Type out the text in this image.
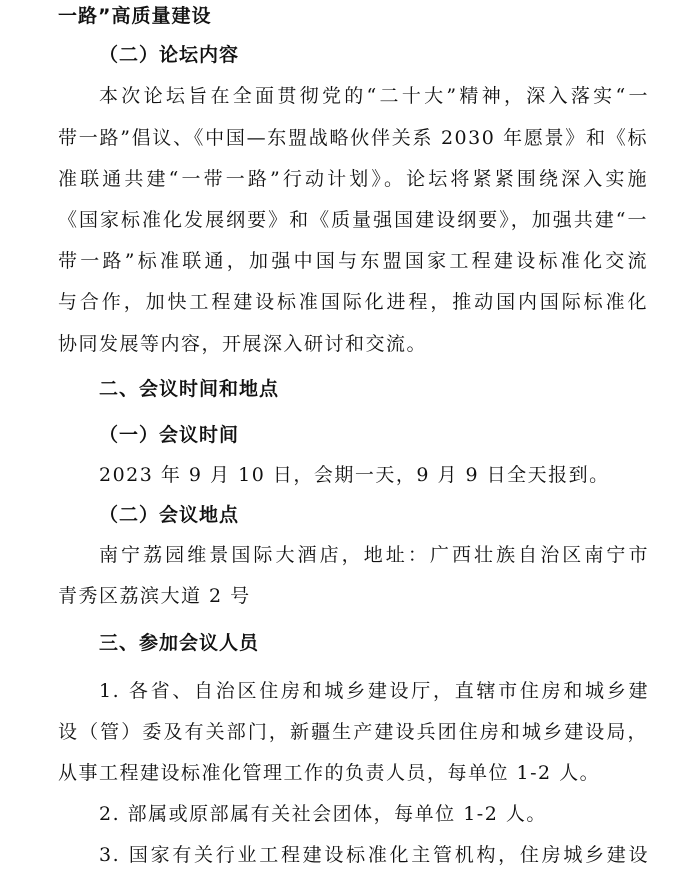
一路”高质量建设
（二）论坛内容
本次论坛旨在全面贯彻党的“二十大”精神，深入落实“一
带一路”倡议、《中国—东盟战略伙伴关系 2030 年愿景》和《标
准联通共建“一带一路”行动计划》。论坛将紧紧围绕深入实施
《国家标准化发展纲要》和《质量强国建设纲要》，加强共建“一
带一路”标准联通，加强中国与东盟国家工程建设标准化交流
与合作，加快工程建设标准国际化进程，推动国内国际标准化
协同发展等内容，开展深入研讨和交流。
二、会议时间和地点
（一）会议时间
2023 年 9 月 10 日，会期一天，9 月 9 日全天报到。
（二）会议地点
南宁荔园维景国际大酒店，地址：广西壮族自治区南宁市
青秀区荔滨大道 2 号
三、参加会议人员
1. 各省、自治区住房和城乡建设厅，直辖市住房和城乡建
设（管）委及有关部门，新疆生产建设兵团住房和城乡建设局，
从事工程建设标准化管理工作的负责人员，每单位 1-2 人。
2. 部属或原部属有关社会团体，每单位 1-2 人。
3. 国家有关行业工程建设标准化主管机构，住房城乡建设
